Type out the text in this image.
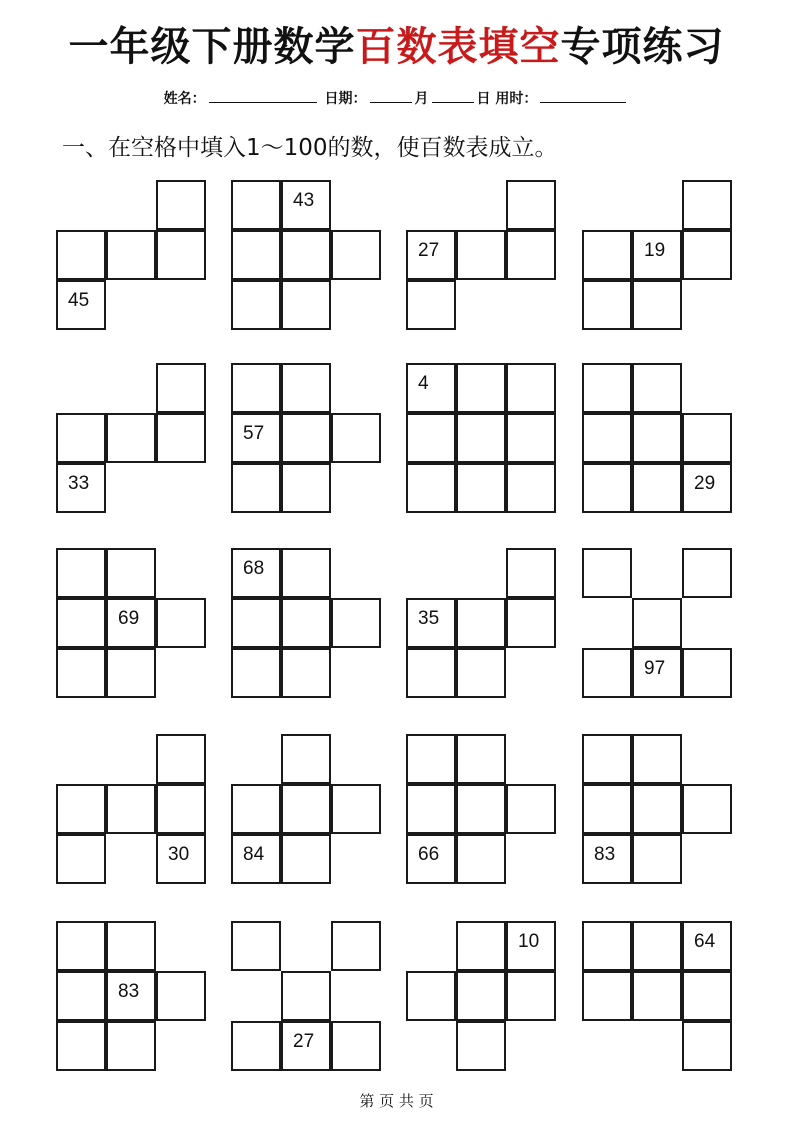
一年级下册数学百数表填空专项练习
姓名：	日期：	月	日 用时：
一、在空格中填入1～100的数，使百数表成立。
45
43
27	19
33
57
4
29
69
68
35
97
30	84	66	83
83
27
10	64
第 页 共 页
